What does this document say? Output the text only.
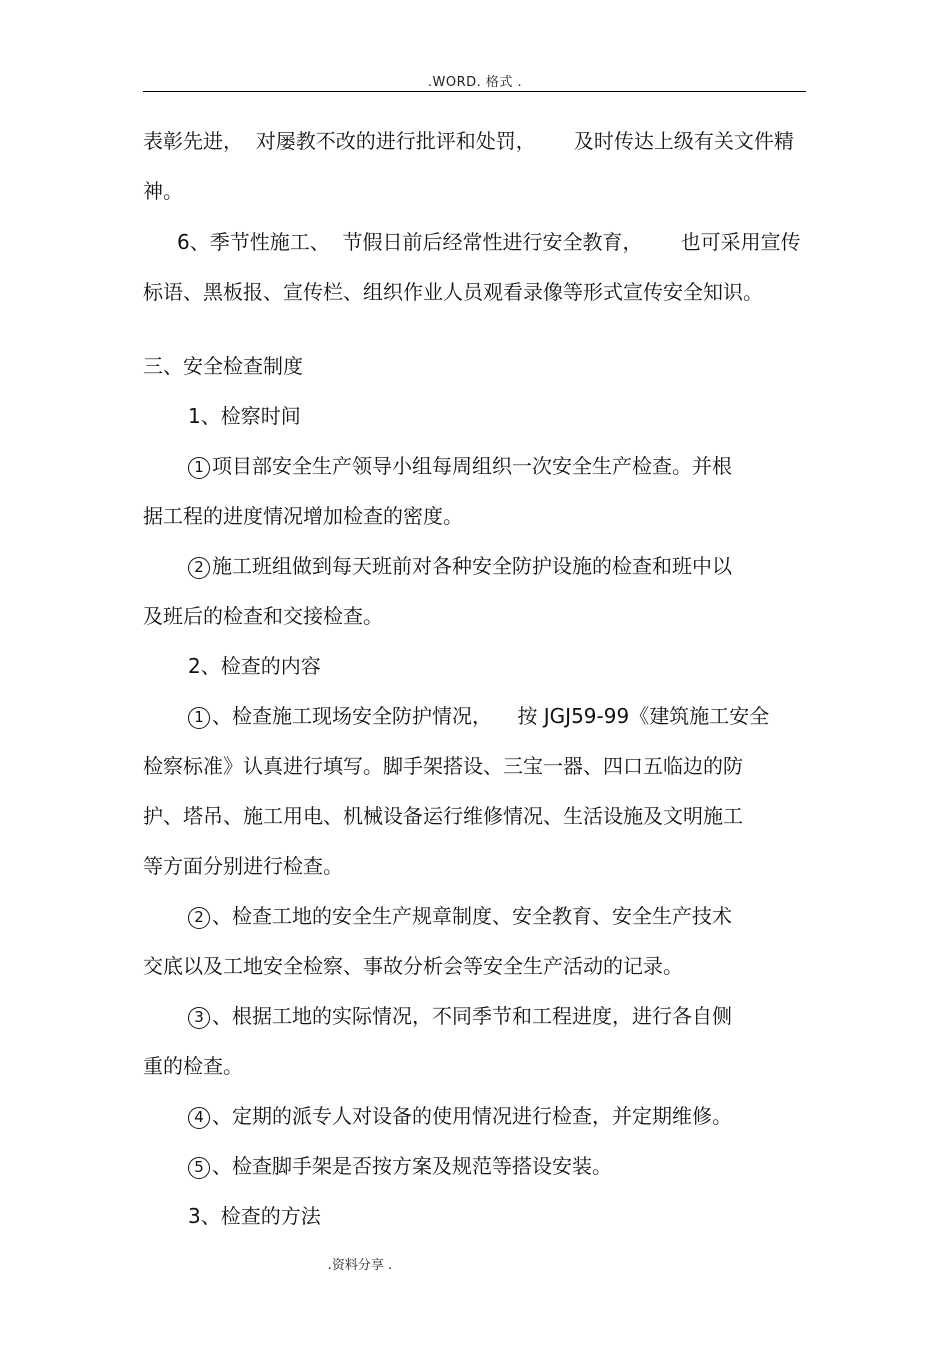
.WORD. 格式 .
表彰先进，  对屡教不改的进行批评和处罚，      及时传达上级有关文件精
神。
6、季节性施工、  节假日前后经常性进行安全教育，      也可采用宣传
标语、黑板报、宣传栏、组织作业人员观看录像等形式宣传安全知识。
三、安全检查制度
1、检察时间
1 项目部安全生产领导小组每周组织一次安全生产检查。并根
据工程的进度情况增加检查的密度。
2 施工班组做到每天班前对各种安全防护设施的检查和班中以
及班后的检查和交接检查。
2、检查的内容
1 、检查施工现场安全防护情况，    按 JGJ59-99《建筑施工安全
检察标准》认真进行填写。脚手架搭设、三宝一器、四口五临边的防
护、塔吊、施工用电、机械设备运行维修情况、生活设施及文明施工
等方面分别进行检查。
2 、检查工地的安全生产规章制度、安全教育、安全生产技术
交底以及工地安全检察、事故分析会等安全生产活动的记录。
3 、根据工地的实际情况，不同季节和工程进度，进行各自侧
重的检查。
4 、定期的派专人对设备的使用情况进行检查，并定期维修。
5 、检查脚手架是否按方案及规范等搭设安装。
3、检查的方法
.资料分享 .
